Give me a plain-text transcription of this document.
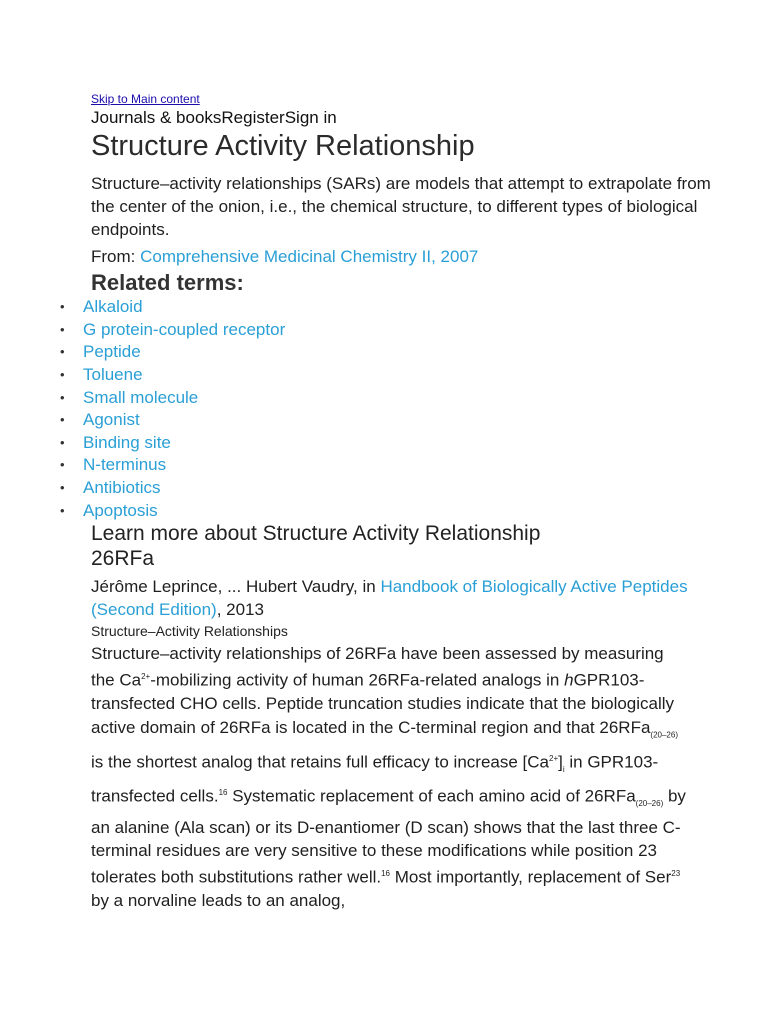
Skip to Main content
Journals & booksRegisterSign in
Structure Activity Relationship

Structure–activity relationships (SARs) are models that attempt to extrapolate from the center of the onion, i.e., the chemical structure, to different types of biological endpoints.

From: Comprehensive Medicinal Chemistry II, 2007
Related terms:
•	Alkaloid
•	G protein-coupled receptor
•	Peptide
•	Toluene
•	Small molecule
•	Agonist
•	Binding site
•	N-terminus
•	Antibiotics
•	Apoptosis
Learn more about Structure Activity Relationship
26RFa
Jérôme Leprince, ... Hubert Vaudry, in Handbook of Biologically Active Peptides (Second Edition), 2013
Structure–Activity Relationships

Structure–activity relationships of 26RFa have been assessed by measuring the $Ca^{2+}$-mobilizing activity of human 26RFa-related analogs in hGPR103-transfected CHO cells. Peptide truncation studies indicate that the biologically active domain of 26RFa is located in the C-terminal region and that 26RFa$_{(20-26)}$ is the shortest analog that retains full efficacy to increase $[Ca^{2+}]_i$ in GPR103-transfected cells.$^{16}$ Systematic replacement of each amino acid of 26RFa$_{(20-26)}$ by an alanine (Ala scan) or its D-enantiomer (D scan) shows that the last three C-terminal residues are very sensitive to these modifications while position 23 tolerates both substitutions rather well.$^{16}$ Most importantly, replacement of Ser$^{23}$ by a norvaline leads to an analog,
